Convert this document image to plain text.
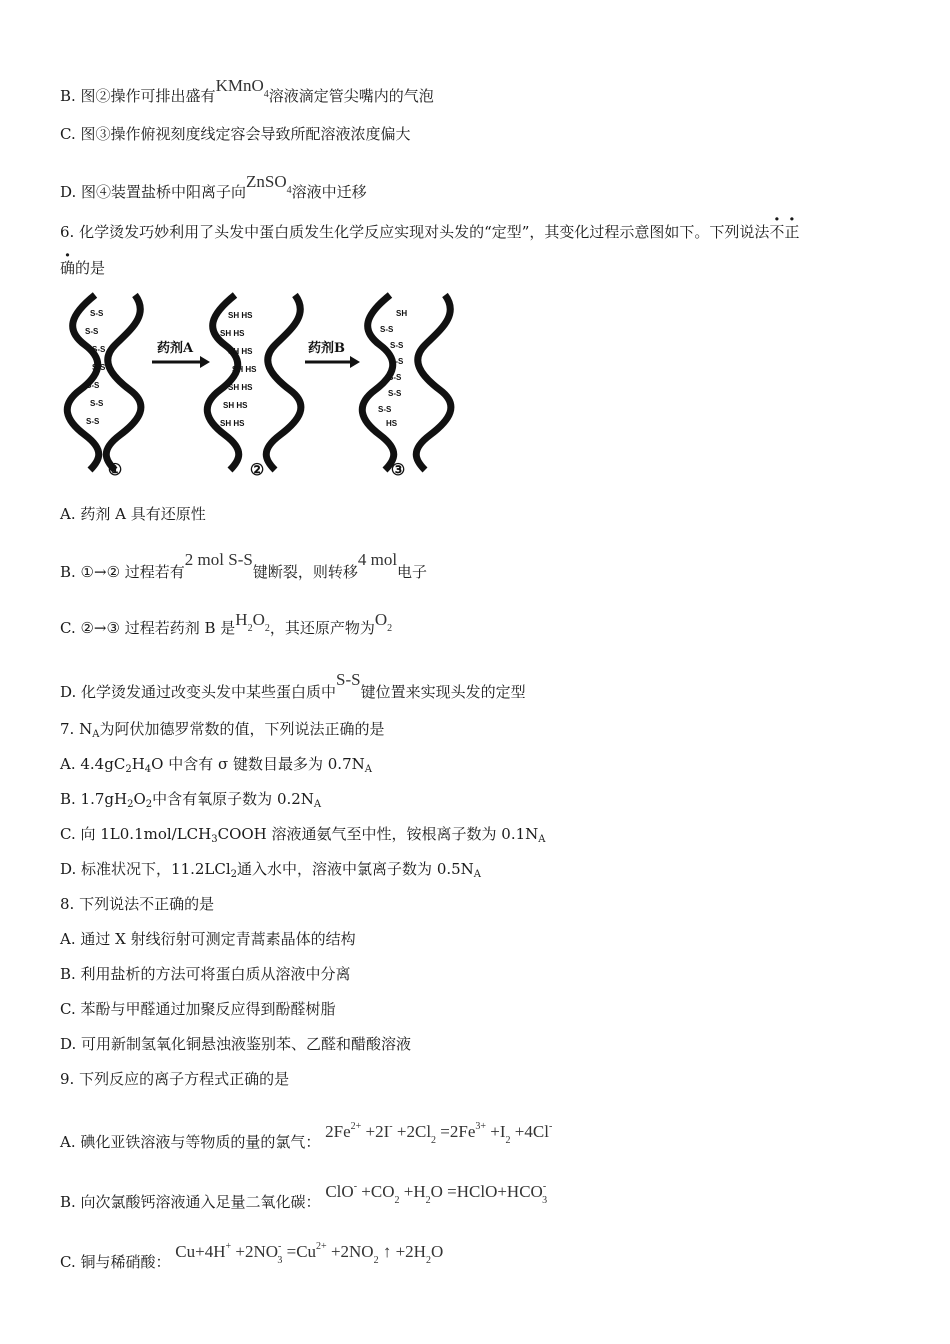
B. 图②操作可排出盛有KMnO$_4$溶液滴定管尖嘴内的气泡
C. 图③操作俯视刻度线定容会导致所配溶液浓度偏大
D. 图④装置盐桥中阳离子向ZnSO$_4$溶液中迁移
6. 化学烫发巧妙利用了头发中蛋白质发生化学反应实现对头发的“定型”，其变化过程示意图如下。下列说法不正
确的是
S-S
S-S
S-S
S-S
S-S
S-S
S-S
药剂A
SH HS
SH HS
SH HS
SH HS
SH HS
SH HS
SH HS
药剂B
SH
S-S
S-S
S-S
S-S
S-S
S-S
HS
①	②	③
A. 药剂 A 具有还原性
B. ①→② 过程若有2 mol S-S键断裂，则转移4 mol电子
C. ②→③ 过程若药剂 B 是$H_2O_2$，其还原产物为$O_2$
D. 化学烫发通过改变头发中某些蛋白质中S-S键位置来实现头发的定型
7. $N_A$为阿伏加德罗常数的值，下列说法正确的是
A. $4.4gC_2H_4O$ 中含有 σ 键数目最多为 $0.7N_A$
B. $1.7gH_2O_2$中含有氧原子数为 $0.2N_A$
C. 向 $1L0.1mol/LCH_3COOH$ 溶液通氨气至中性，铵根离子数为 $0.1N_A$
D. 标准状况下，11.2LCl$_2$通入水中，溶液中氯离子数为 $0.5N_A$
8. 下列说法不正确的是
A. 通过 X 射线衍射可测定青蒿素晶体的结构
B. 利用盐析的方法可将蛋白质从溶液中分离
C. 苯酚与甲醛通过加聚反应得到酚醛树脂
D. 可用新制氢氧化铜悬浊液鉴别苯、乙醛和醋酸溶液
9. 下列反应的离子方程式正确的是
A. 碘化亚铁溶液与等物质的量的氯气： $2Fe^{2+} +2I^- +2Cl_2 =2Fe^{3+} +I_2 +4Cl^-$
B. 向次氯酸钙溶液通入足量二氧化碳： $ClO^- +CO_2 +H_2O$ $=HClO+HCO^-_3$
C. 铜与稀硝酸： $Cu+4H^+ +2NO^-_3 =Cu^{2+} +2NO_2$ ↑ $+2H_2O$
